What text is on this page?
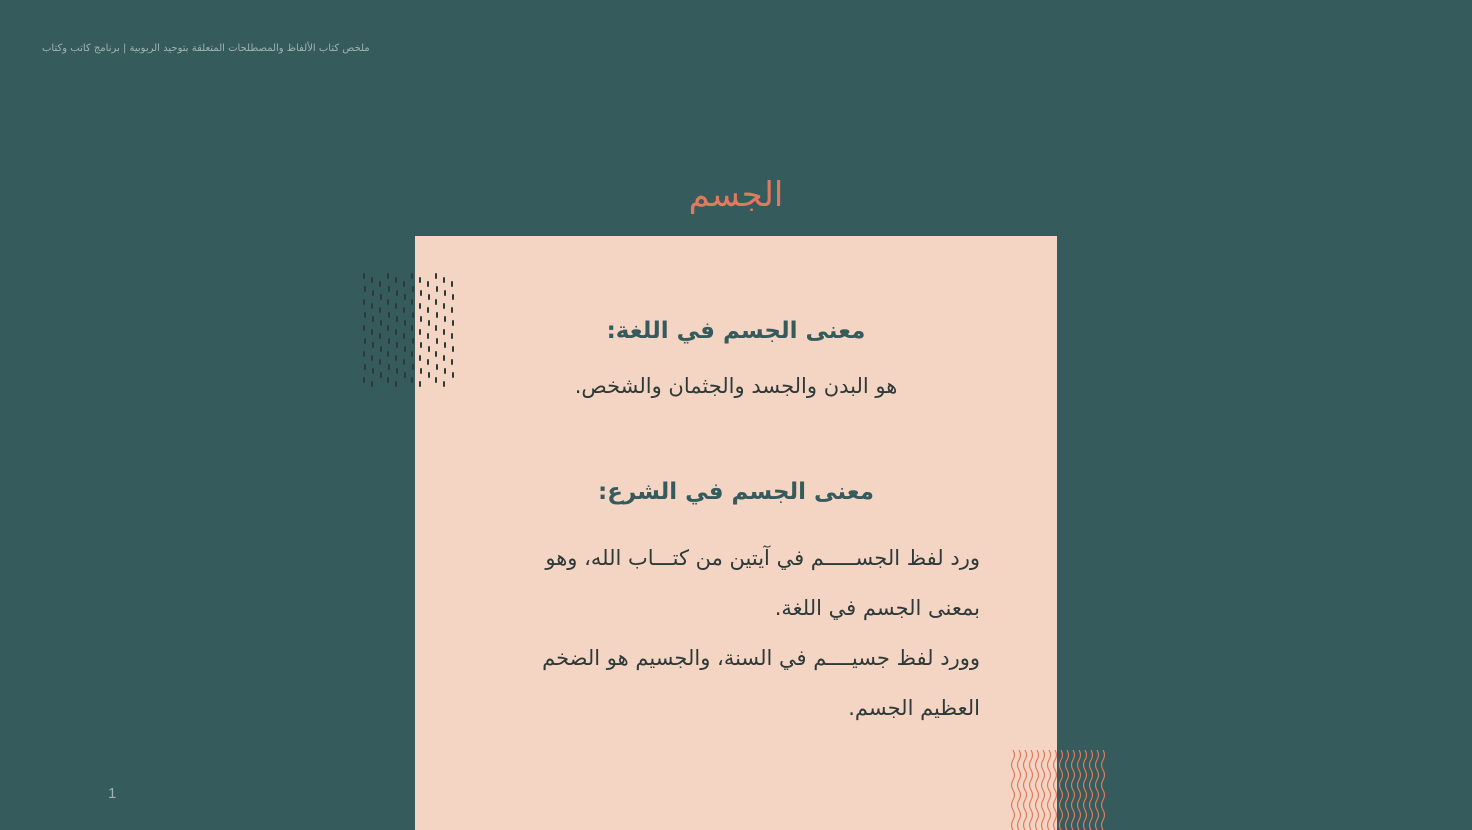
ملخص كتاب الألفاظ والمصطلحات المتعلقة بتوحيد الربوبية | برنامج كاتب وكتاب
الجسم
معنى الجسم في اللغة:
هو البدن والجسد والجثمان والشخص.
معنى الجسم في الشرع:
ورد لفظ الجســـــم في آيتين من كتـــاب الله، وهو
بمعنى الجسم في اللغة.
وورد لفظ جسيــــم في السنة، والجسيم هو الضخم
العظيم الجسم.
1
